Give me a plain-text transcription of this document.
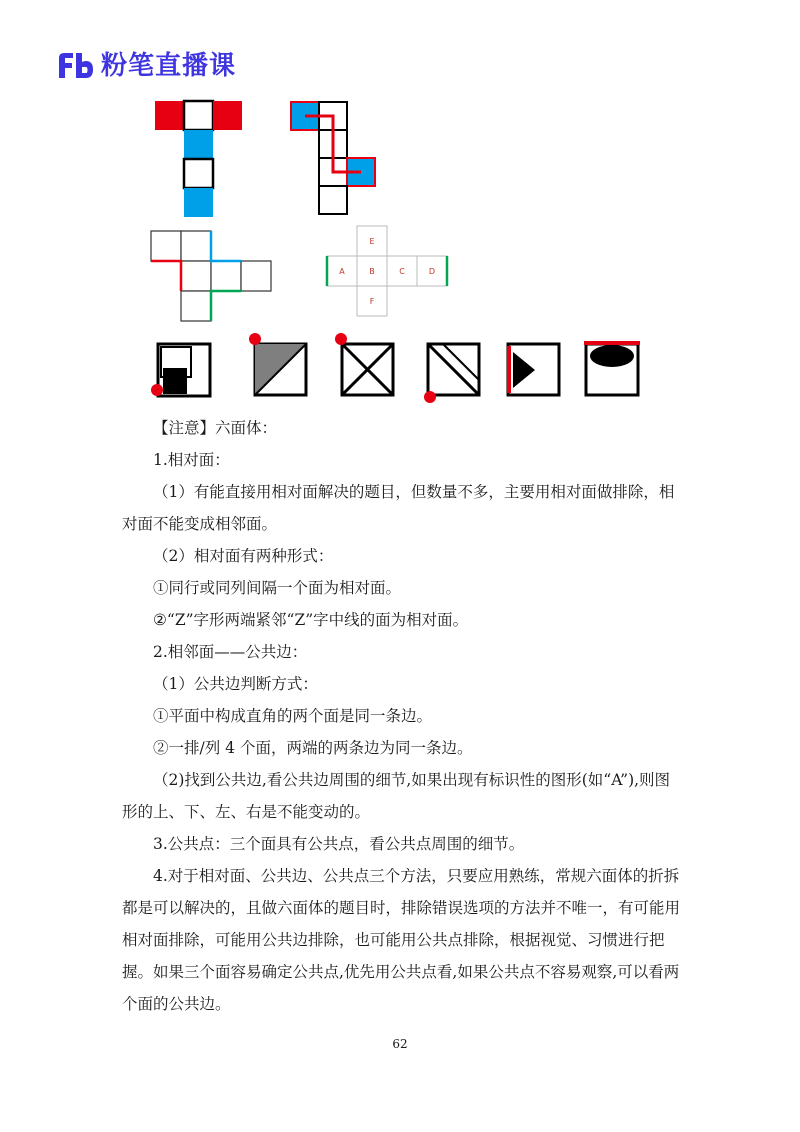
Fb
粉笔直播课
E
A	B	C	D
F

【注意】六面体：

1.相对面：

（1）有能直接用相对面解决的题目，但数量不多，主要用相对面做排除，相对面不能变成相邻面。

（2）相对面有两种形式：

①同行或同列间隔一个面为相对面。

②“Z”字形两端紧邻“Z”字中线的面为相对面。

2.相邻面——公共边：

（1）公共边判断方式：

①平面中构成直角的两个面是同一条边。

②一排/列 4 个面，两端的两条边为同一条边。

（2)找到公共边,看公共边周围的细节,如果出现有标识性的图形(如“A”),则图形的上、下、左、右是不能变动的。

3.公共点：三个面具有公共点，看公共点周围的细节。

4.对于相对面、公共边、公共点三个方法，只要应用熟练，常规六面体的折拆都是可以解决的，且做六面体的题目时，排除错误选项的方法并不唯一，有可能用相对面排除，可能用公共边排除，也可能用公共点排除，根据视觉、习惯进行把握。如果三个面容易确定公共点,优先用公共点看,如果公共点不容易观察,可以看两个面的公共边。

62
